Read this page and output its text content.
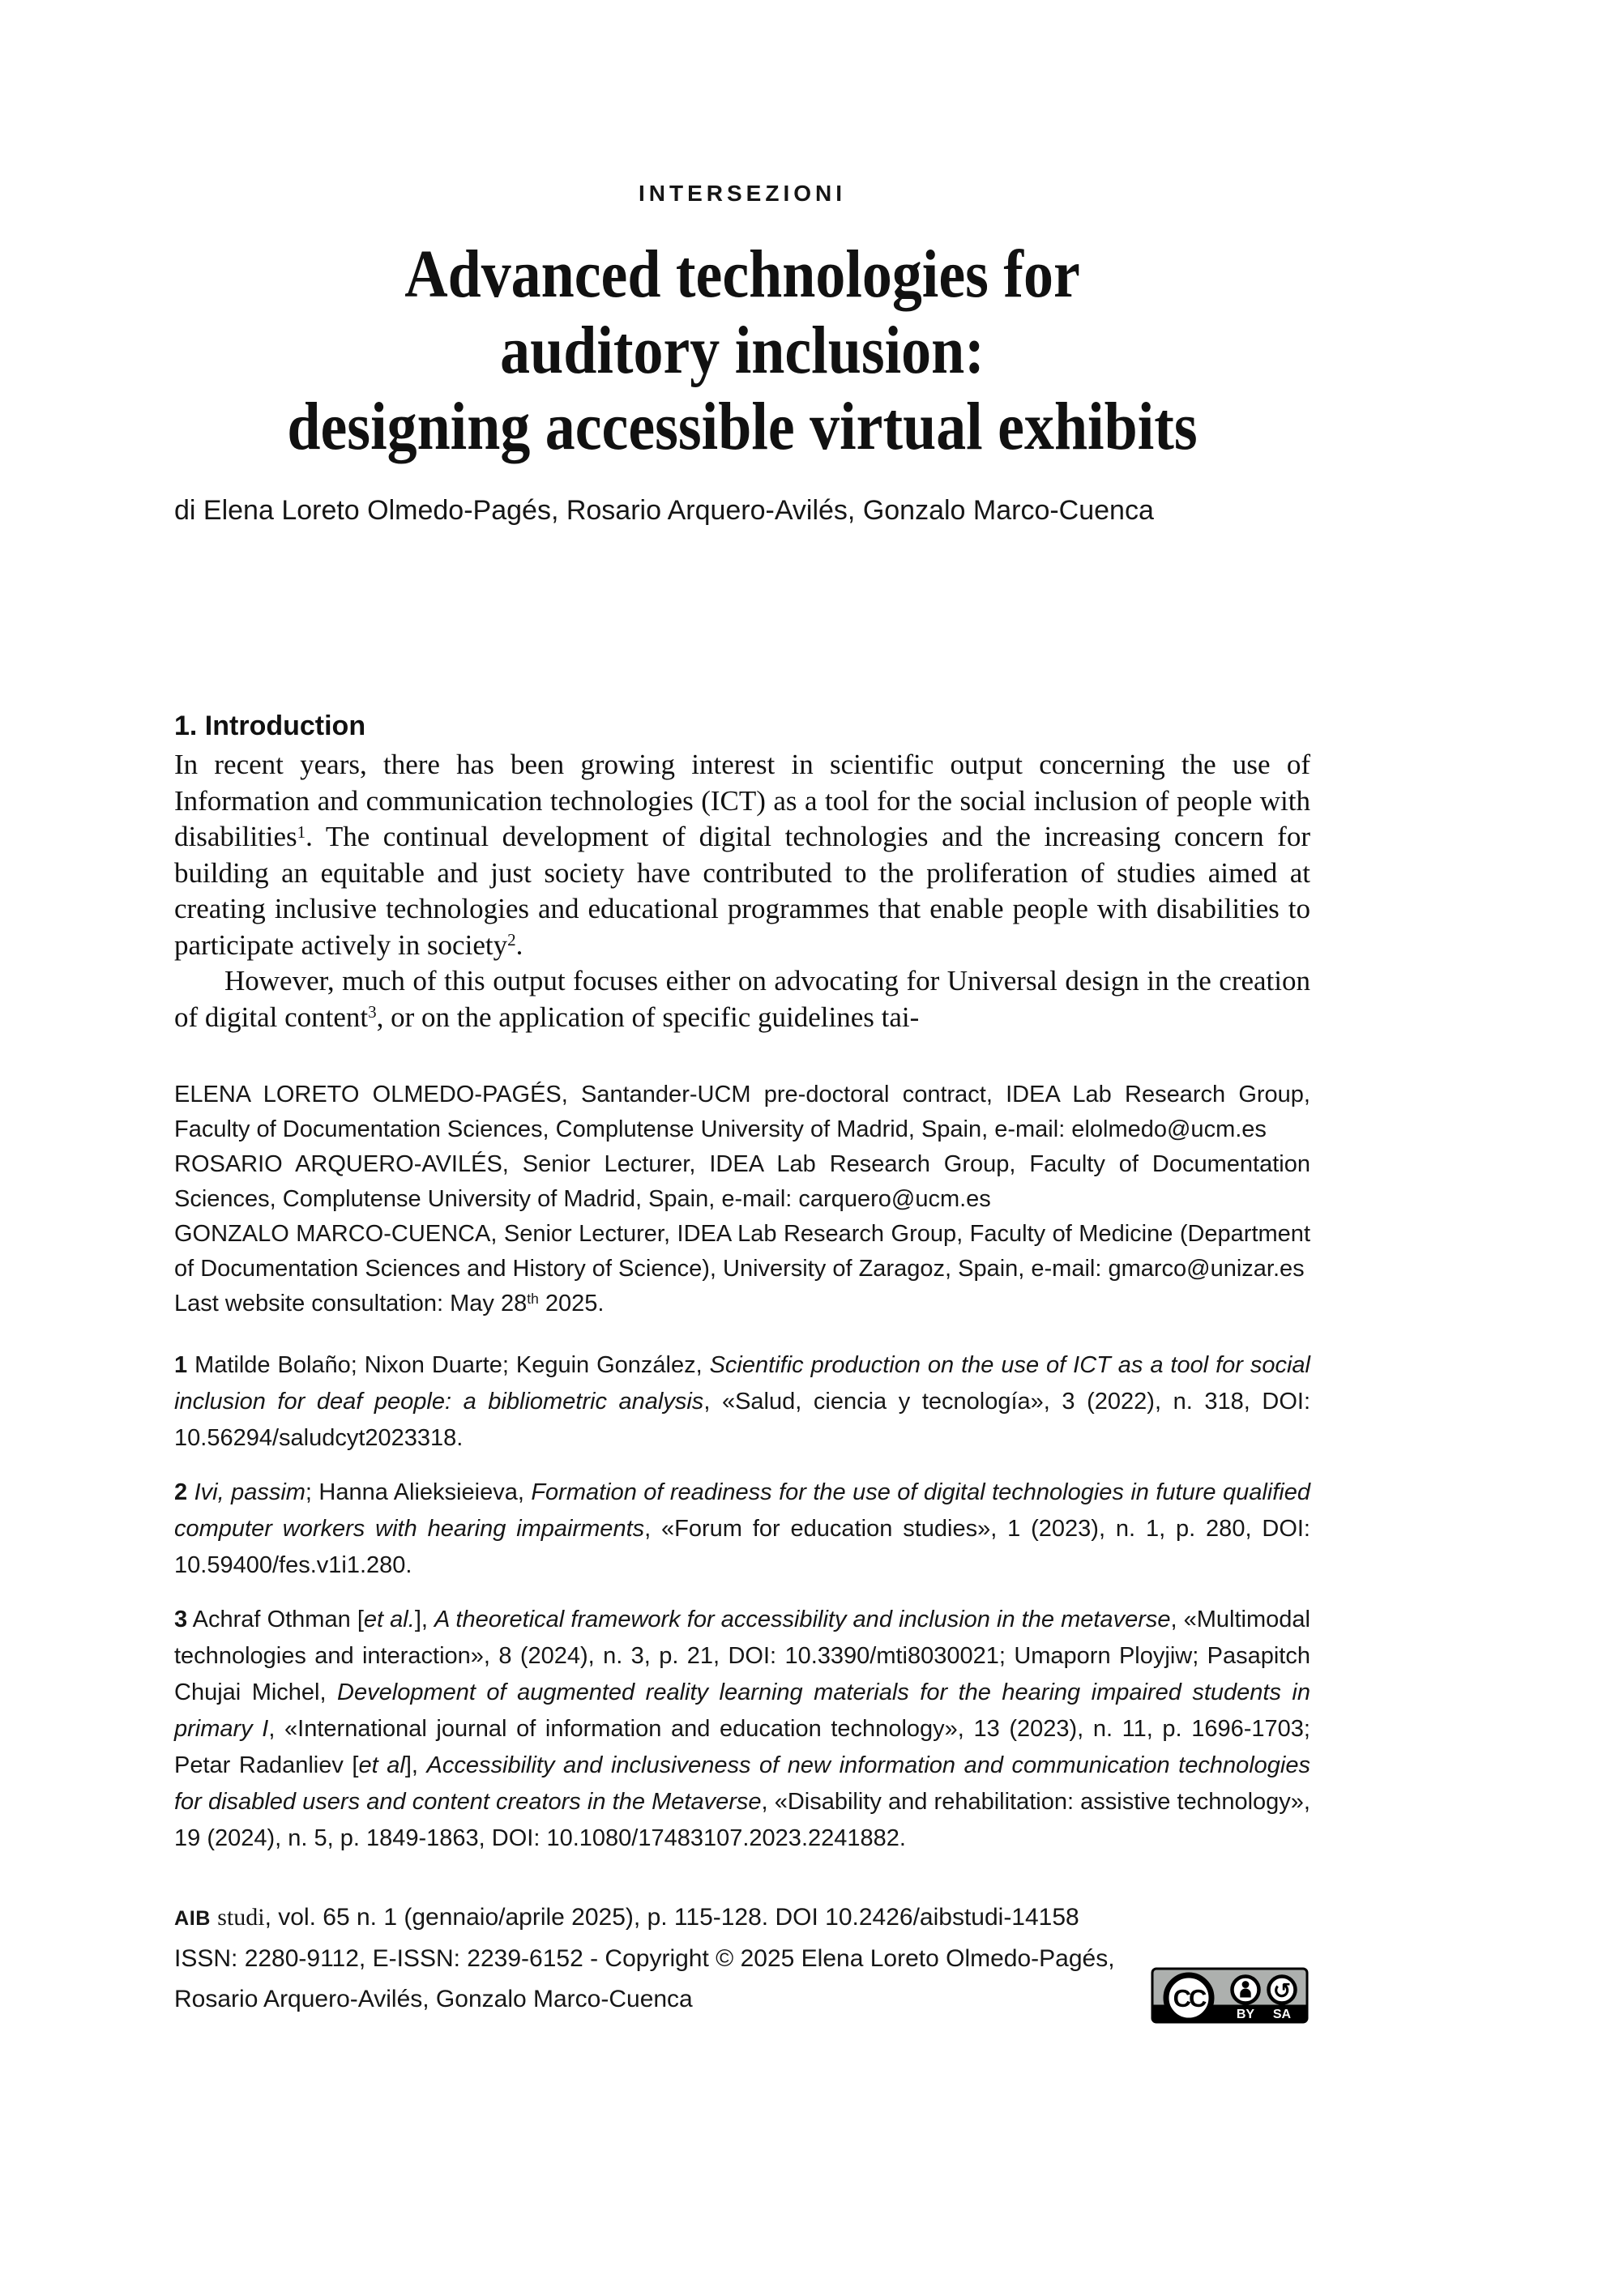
INTERSEZIONI
Advanced technologies for
auditory inclusion:
designing accessible virtual exhibits
di Elena Loreto Olmedo-Pagés, Rosario Arquero-Avilés, Gonzalo Marco-Cuenca
1. Introduction

In recent years, there has been growing interest in scientific output concerning the use of Information and communication technologies (ICT) as a tool for the social inclusion of people with disabilities$^1$. The continual development of digital technologies and the increasing concern for building an equitable and just society have contributed to the proliferation of studies aimed at creating inclusive technologies and educational programmes that enable people with disabilities to participate actively in society$^2$.

However, much of this output focuses either on advocating for Universal design in the creation of digital content$^3$, or on the application of specific guidelines tai-

ELENA LORETO OLMEDO-PAGÉS, Santander-UCM pre-doctoral contract, IDEA Lab Research Group, Faculty of Documentation Sciences, Complutense University of Madrid, Spain, e-mail: elolmedo@ucm.es

ROSARIO ARQUERO-AVILÉS, Senior Lecturer, IDEA Lab Research Group, Faculty of Documentation Sciences, Complutense University of Madrid, Spain, e-mail: carquero@ucm.es

GONZALO MARCO-CUENCA, Senior Lecturer, IDEA Lab Research Group, Faculty of Medicine (Department of Documentation Sciences and History of Science), University of Zaragoz, Spain, e-mail: gmarco@unizar.es

Last website consultation: May 28th 2025.

1 Matilde Bolaño; Nixon Duarte; Keguin González, Scientific production on the use of ICT as a tool for social inclusion for deaf people: a bibliometric analysis, «Salud, ciencia y tecnología», 3 (2022), n. 318, DOI: 10.56294/saludcyt2023318.

2 Ivi, passim; Hanna Alieksieieva, Formation of readiness for the use of digital technologies in future qualified computer workers with hearing impairments, «Forum for education studies», 1 (2023), n. 1, p. 280, DOI: 10.59400/fes.v1i1.280.

3 Achraf Othman [et al.], A theoretical framework for accessibility and inclusion in the metaverse, «Multimodal technologies and interaction», 8 (2024), n. 3, p. 21, DOI: 10.3390/mti8030021; Umaporn Ployjiw; Pasapitch Chujai Michel, Development of augmented reality learning materials for the hearing impaired students in primary I, «International journal of information and education technology», 13 (2023), n. 11, p. 1696-1703; Petar Radanliev [et al], Accessibility and inclusiveness of new information and communication technologies for disabled users and content creators in the Metaverse, «Disability and rehabilitation: assistive technology», 19 (2024), n. 5, p. 1849-1863, DOI: 10.1080/17483107.2023.2241882.

AIB studi, vol. 65 n. 1 (gennaio/aprile 2025), p. 115-128. DOI 10.2426/aibstudi-14158

ISSN: 2280-9112, E-ISSN: 2239-6152 - Copyright © 2025 Elena Loreto Olmedo-Pagés, Rosario Arquero-Avilés, Gonzalo Marco-Cuenca	CC	↺
BY SA
